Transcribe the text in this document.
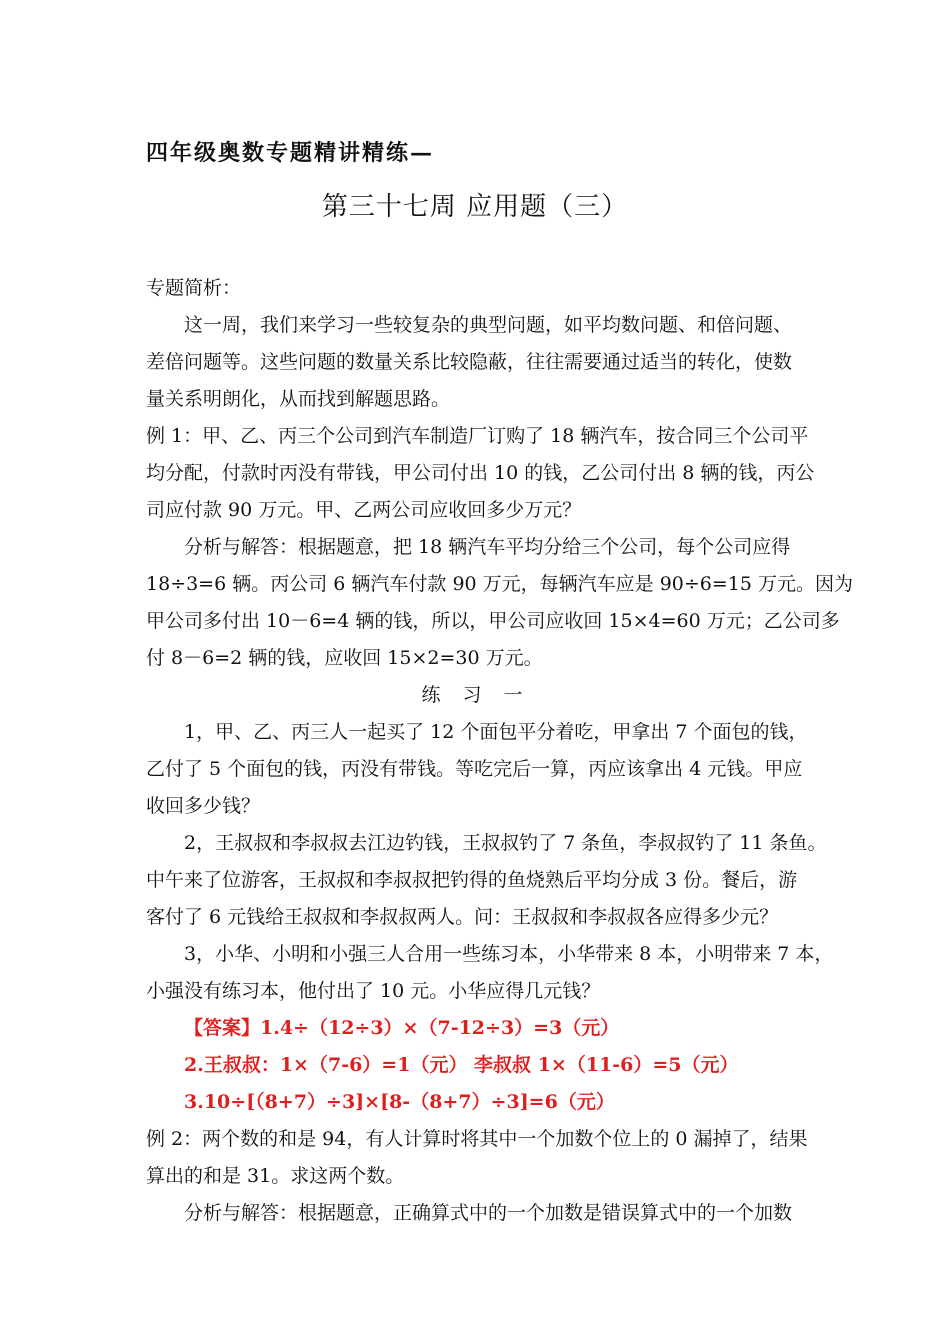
四年级奥数专题精讲精练—
第三十七周 应用题（三）

专题简析：

这一周，我们来学习一些较复杂的典型问题，如平均数问题、和倍问题、

差倍问题等。这些问题的数量关系比较隐蔽，往往需要通过适当的转化，使数

量关系明朗化，从而找到解题思路。

例 1：甲、乙、丙三个公司到汽车制造厂订购了 18 辆汽车，按合同三个公司平

均分配，付款时丙没有带钱，甲公司付出 10 的钱，乙公司付出 8 辆的钱，丙公

司应付款 90 万元。甲、乙两公司应收回多少万元？

分析与解答：根据题意，把 18 辆汽车平均分给三个公司，每个公司应得

18÷3=6 辆。丙公司 6 辆汽车付款 90 万元，每辆汽车应是 90÷6=15 万元。因为

甲公司多付出 10－6=4 辆的钱，所以，甲公司应收回 15×4=60 万元；乙公司多

付 8－6=2 辆的钱，应收回 15×2=30 万元。

练习一

1，甲、乙、丙三人一起买了 12 个面包平分着吃，甲拿出 7 个面包的钱，

乙付了 5 个面包的钱，丙没有带钱。等吃完后一算，丙应该拿出 4 元钱。甲应

收回多少钱？

2，王叔叔和李叔叔去江边钓钱，王叔叔钓了 7 条鱼，李叔叔钓了 11 条鱼。

中午来了位游客，王叔叔和李叔叔把钓得的鱼烧熟后平均分成 3 份。餐后，游

客付了 6 元钱给王叔叔和李叔叔两人。问：王叔叔和李叔叔各应得多少元？

3，小华、小明和小强三人合用一些练习本，小华带来 8 本，小明带来 7 本，

小强没有练习本，他付出了 10 元。小华应得几元钱？

【答案】1.4÷（12÷3）×（7-12÷3）=3（元）

2.王叔叔：1×（7-6）=1（元） 李叔叔 1×（11-6）=5（元）

3.10÷[（8+7）÷3]×[8-（8+7）÷3]=6（元）

例 2：两个数的和是 94，有人计算时将其中一个加数个位上的 0 漏掉了，结果

算出的和是 31。求这两个数。

分析与解答：根据题意，正确算式中的一个加数是错误算式中的一个加数
